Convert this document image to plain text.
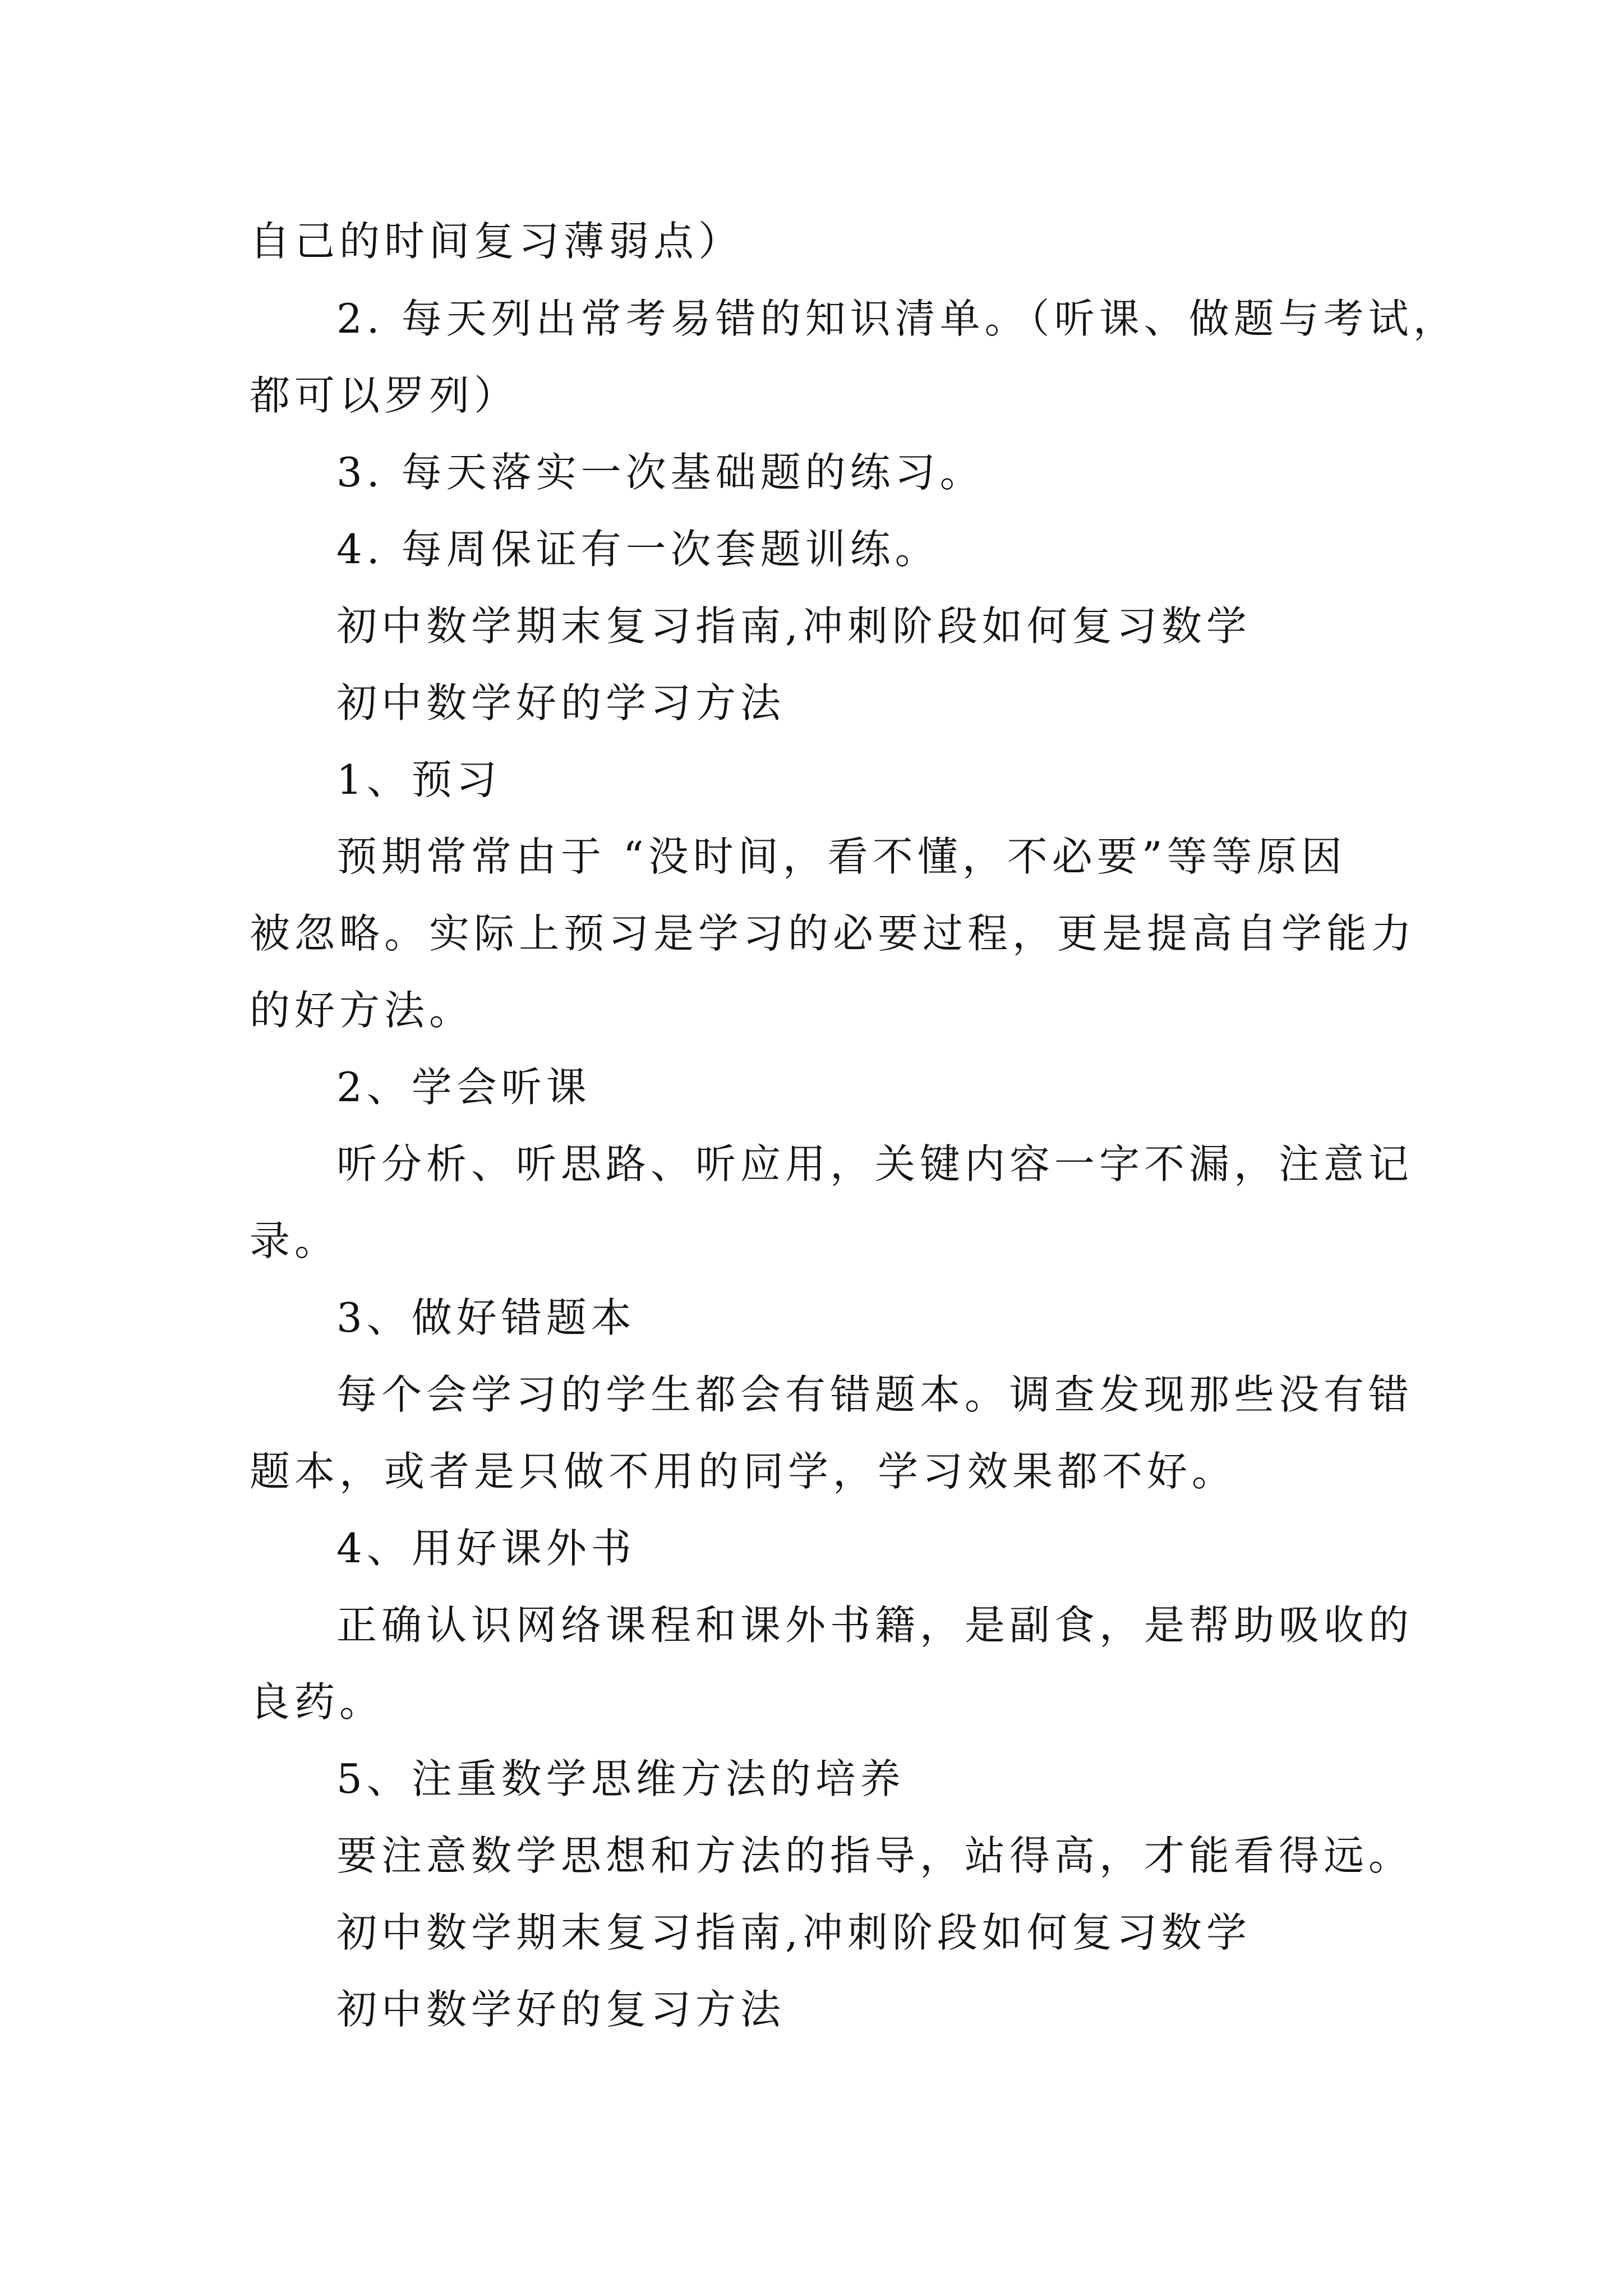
自己的时间复习薄弱点）
2. 每天列出常考易错的知识清单。（听课、做题与考试，
都可以罗列）
3. 每天落实一次基础题的练习。
4. 每周保证有一次套题训练。
初中数学期末复习指南,冲刺阶段如何复习数学
初中数学好的学习方法
1、预习
预期常常由于 “没时间，看不懂，不必要”等等原因
被忽略。实际上预习是学习的必要过程，更是提高自学能力
的好方法。
2、学会听课
听分析、听思路、听应用，关键内容一字不漏，注意记
录。
3、做好错题本
每个会学习的学生都会有错题本。调查发现那些没有错
题本，或者是只做不用的同学，学习效果都不好。
4、用好课外书
正确认识网络课程和课外书籍，是副食，是帮助吸收的
良药。
5、注重数学思维方法的培养
要注意数学思想和方法的指导，站得高，才能看得远。
初中数学期末复习指南,冲刺阶段如何复习数学
初中数学好的复习方法
